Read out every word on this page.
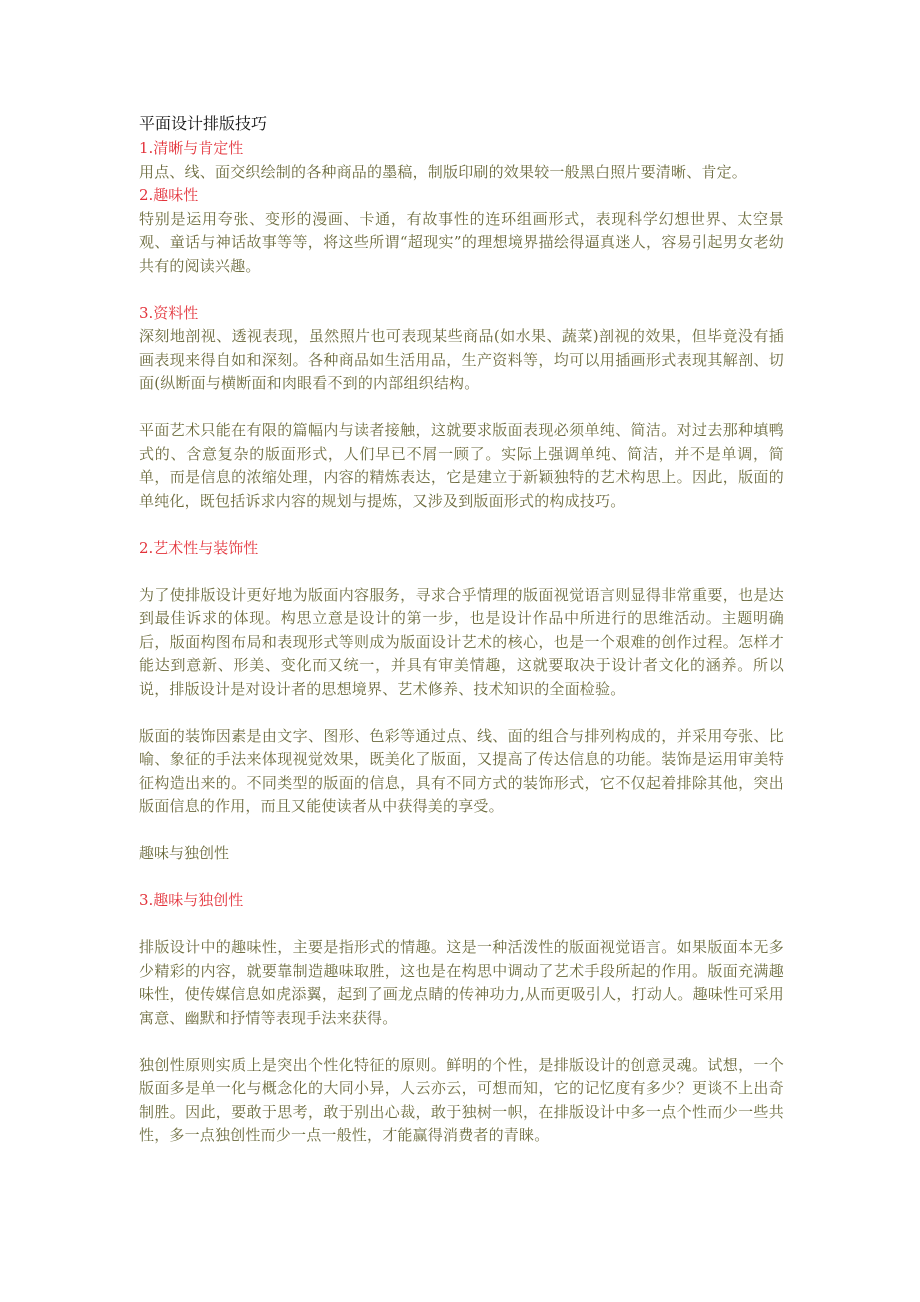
平面设计排版技巧

1.清晰与肯定性

用点、线、面交织绘制的各种商品的墨稿，制版印刷的效果较一般黑白照片要清晰、肯定。

2.趣味性

特别是运用夸张、变形的漫画、卡通，有故事性的连环组画形式，表现科学幻想世界、太空景观、童话与神话故事等等，将这些所谓“超现实”的理想境界描绘得逼真迷人，容易引起男女老幼共有的阅读兴趣。

3.资料性

深刻地剖视、透视表现，虽然照片也可表现某些商品(如水果、蔬菜)剖视的效果，但毕竟没有插画表现来得自如和深刻。各种商品如生活用品，生产资料等，均可以用插画形式表现其解剖、切面(纵断面与横断面和肉眼看不到的内部组织结构。

平面艺术只能在有限的篇幅内与读者接触，这就要求版面表现必须单纯、简洁。对过去那种填鸭式的、含意复杂的版面形式，人们早已不屑一顾了。实际上强调单纯、简洁，并不是单调，简单，而是信息的浓缩处理，内容的精炼表达，它是建立于新颖独特的艺术构思上。因此，版面的单纯化，既包括诉求内容的规划与提炼，又涉及到版面形式的构成技巧。

2.艺术性与装饰性

为了使排版设计更好地为版面内容服务，寻求合乎情理的版面视觉语言则显得非常重要，也是达到最佳诉求的体现。构思立意是设计的第一步，也是设计作品中所进行的思维活动。主题明确后，版面构图布局和表现形式等则成为版面设计艺术的核心，也是一个艰难的创作过程。怎样才能达到意新、形美、变化而又统一，并具有审美情趣，这就要取决于设计者文化的涵养。所以说，排版设计是对设计者的思想境界、艺术修养、技术知识的全面检验。

版面的装饰因素是由文字、图形、色彩等通过点、线、面的组合与排列构成的，并采用夸张、比喻、象征的手法来体现视觉效果，既美化了版面，又提高了传达信息的功能。装饰是运用审美特征构造出来的。不同类型的版面的信息，具有不同方式的装饰形式，它不仅起着排除其他，突出版面信息的作用，而且又能使读者从中获得美的享受。

趣味与独创性

3.趣味与独创性

排版设计中的趣味性，主要是指形式的情趣。这是一种活泼性的版面视觉语言。如果版面本无多少精彩的内容，就要靠制造趣味取胜，这也是在构思中调动了艺术手段所起的作用。版面充满趣味性，使传媒信息如虎添翼，起到了画龙点睛的传神功力,从而更吸引人，打动人。趣味性可采用寓意、幽默和抒情等表现手法来获得。

独创性原则实质上是突出个性化特征的原则。鲜明的个性，是排版设计的创意灵魂。试想，一个版面多是单一化与概念化的大同小异，人云亦云，可想而知，它的记忆度有多少？更谈不上出奇制胜。因此，要敢于思考，敢于别出心裁，敢于独树一帜，在排版设计中多一点个性而少一些共性，多一点独创性而少一点一般性，才能赢得消费者的青睐。
